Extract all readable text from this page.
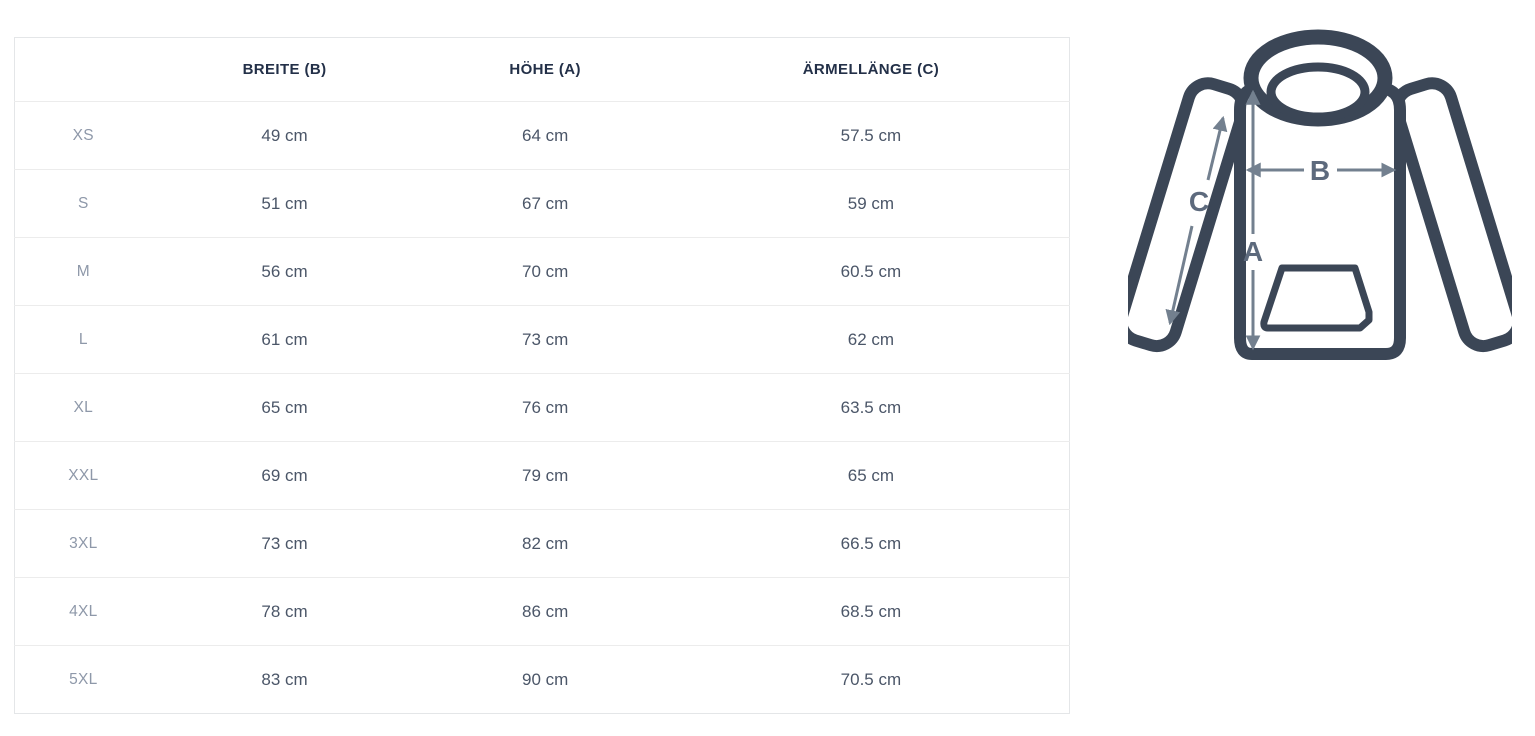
	BREITE (B)	HÖHE (A)	ÄRMELLÄNGE (C)
XS	49 cm	64 cm	57.5 cm
S	51 cm	67 cm	59 cm
M	56 cm	70 cm	60.5 cm
L	61 cm	73 cm	62 cm
XL	65 cm	76 cm	63.5 cm
XXL	69 cm	79 cm	65 cm
3XL	73 cm	82 cm	66.5 cm
4XL	78 cm	86 cm	68.5 cm
5XL	83 cm	90 cm	70.5 cm
A
B
C
